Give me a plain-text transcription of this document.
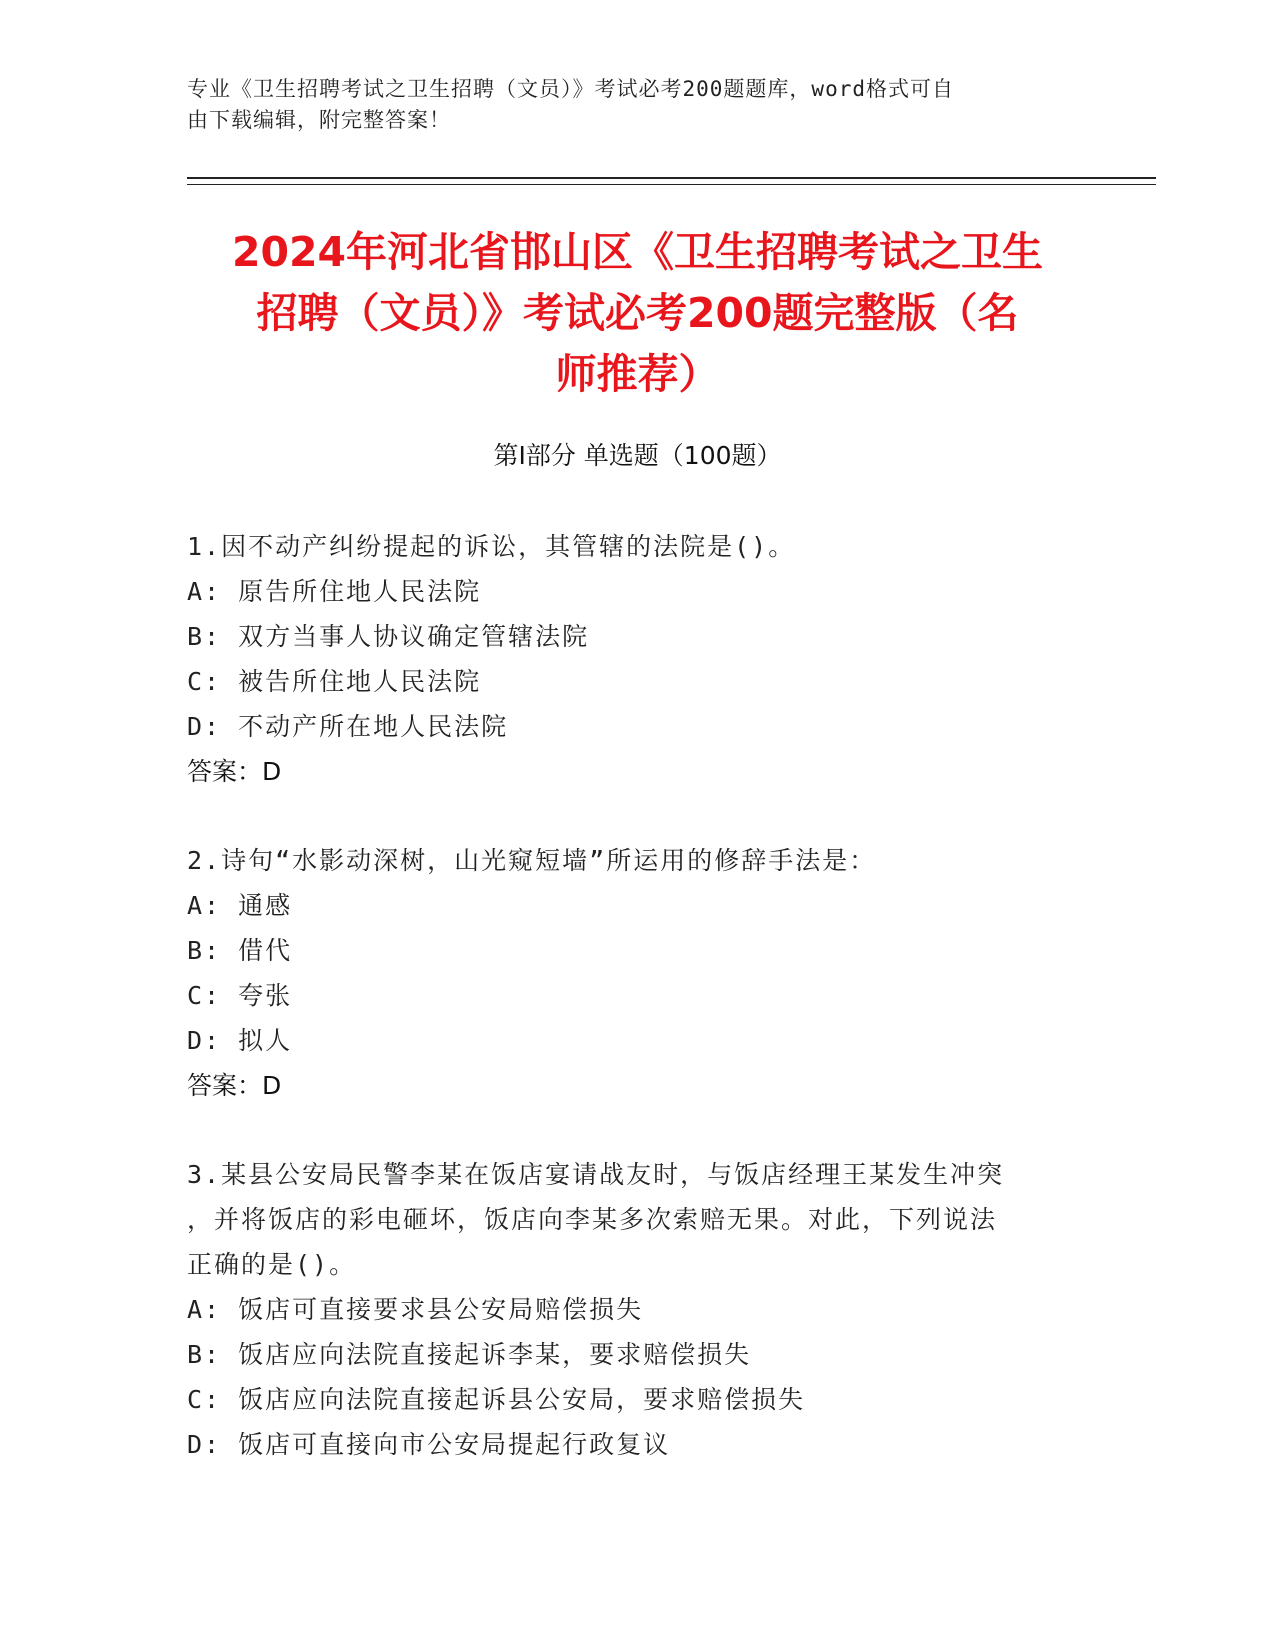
专业《卫生招聘考试之卫生招聘（文员）》考试必考200题题库，word格式可自
由下载编辑，附完整答案！
2024年河北省邯山区《卫生招聘考试之卫生
招聘（文员）》考试必考200题完整版（名
师推荐）
第Ⅰ部分 单选题（100题）
1.因不动产纠纷提起的诉讼，其管辖的法院是()。
A: 原告所住地人民法院
B: 双方当事人协议确定管辖法院
C: 被告所住地人民法院
D: 不动产所在地人民法院
答案：D
2.诗句“水影动深树，山光窥短墙”所运用的修辞手法是：
A: 通感
B: 借代
C: 夸张
D: 拟人
答案：D
3.某县公安局民警李某在饭店宴请战友时，与饭店经理王某发生冲突
，并将饭店的彩电砸坏，饭店向李某多次索赔无果。对此，下列说法
正确的是()。
A: 饭店可直接要求县公安局赔偿损失
B: 饭店应向法院直接起诉李某，要求赔偿损失
C: 饭店应向法院直接起诉县公安局，要求赔偿损失
D: 饭店可直接向市公安局提起行政复议
